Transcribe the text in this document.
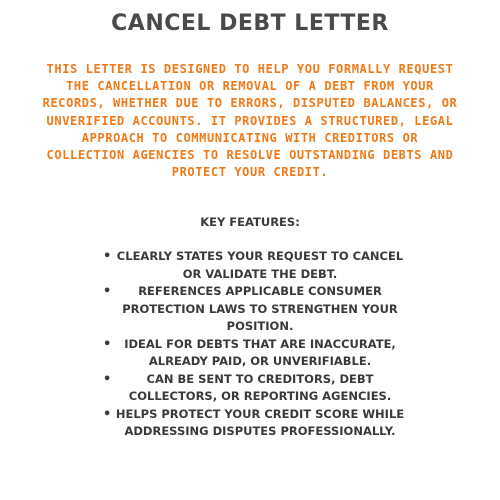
CANCEL DEBT LETTER
THIS LETTER IS DESIGNED TO HELP YOU FORMALLY REQUEST THE CANCELLATION OR REMOVAL OF A DEBT FROM YOUR RECORDS, WHETHER DUE TO ERRORS, DISPUTED BALANCES, OR UNVERIFIED ACCOUNTS. IT PROVIDES A STRUCTURED, LEGAL APPROACH TO COMMUNICATING WITH CREDITORS OR COLLECTION AGENCIES TO RESOLVE OUTSTANDING DEBTS AND PROTECT YOUR CREDIT.
KEY FEATURES:
• CLEARLY STATES YOUR REQUEST TO CANCEL OR VALIDATE THE DEBT.
• REFERENCES APPLICABLE CONSUMER PROTECTION LAWS TO STRENGTHEN YOUR POSITION.
• IDEAL FOR DEBTS THAT ARE INACCURATE, ALREADY PAID, OR UNVERIFIABLE.
•	CAN BE SENT TO CREDITORS, DEBT COLLECTORS, OR REPORTING AGENCIES.
• HELPS PROTECT YOUR CREDIT SCORE WHILE ADDRESSING DISPUTES PROFESSIONALLY.
